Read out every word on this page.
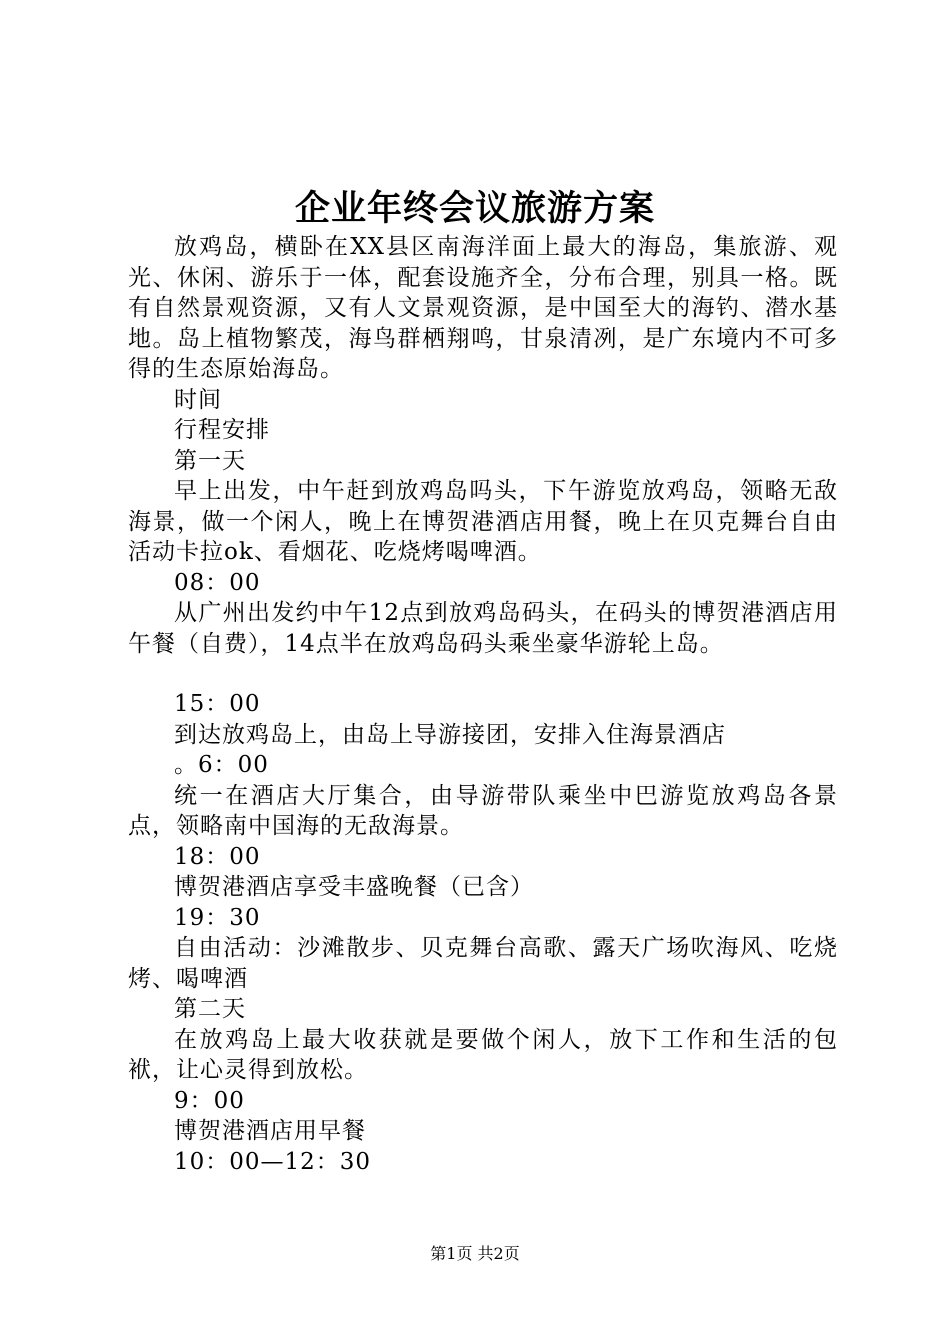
企业年终会议旅游方案

放鸡岛，横卧在XX县区南海洋面上最大的海岛，集旅游、观光、休闲、游乐于一体，配套设施齐全，分布合理，别具一格。既有自然景观资源，又有人文景观资源，是中国至大的海钓、潜水基地。岛上植物繁茂，海鸟群栖翔鸣，甘泉清冽，是广东境内不可多得的生态原始海岛。

时间

行程安排

第一天

早上出发，中午赶到放鸡岛吗头，下午游览放鸡岛，领略无敌海景，做一个闲人，晚上在博贺港酒店用餐，晚上在贝克舞台自由活动卡拉ok、看烟花、吃烧烤喝啤酒。

08：00

从广州出发约中午12点到放鸡岛码头，在码头的博贺港酒店用午餐（自费），14点半在放鸡岛码头乘坐豪华游轮上岛。

15：00

到达放鸡岛上，由岛上导游接团，安排入住海景酒店

。6：00

统一在酒店大厅集合，由导游带队乘坐中巴游览放鸡岛各景点，领略南中国海的无敌海景。

18：00

博贺港酒店享受丰盛晚餐（已含）

19：30

自由活动：沙滩散步、贝克舞台高歌、露天广场吹海风、吃烧烤、喝啤酒

第二天

在放鸡岛上最大收获就是要做个闲人，放下工作和生活的包袱，让心灵得到放松。

9：00

博贺港酒店用早餐

10：00—12：30

第1页 共2页
